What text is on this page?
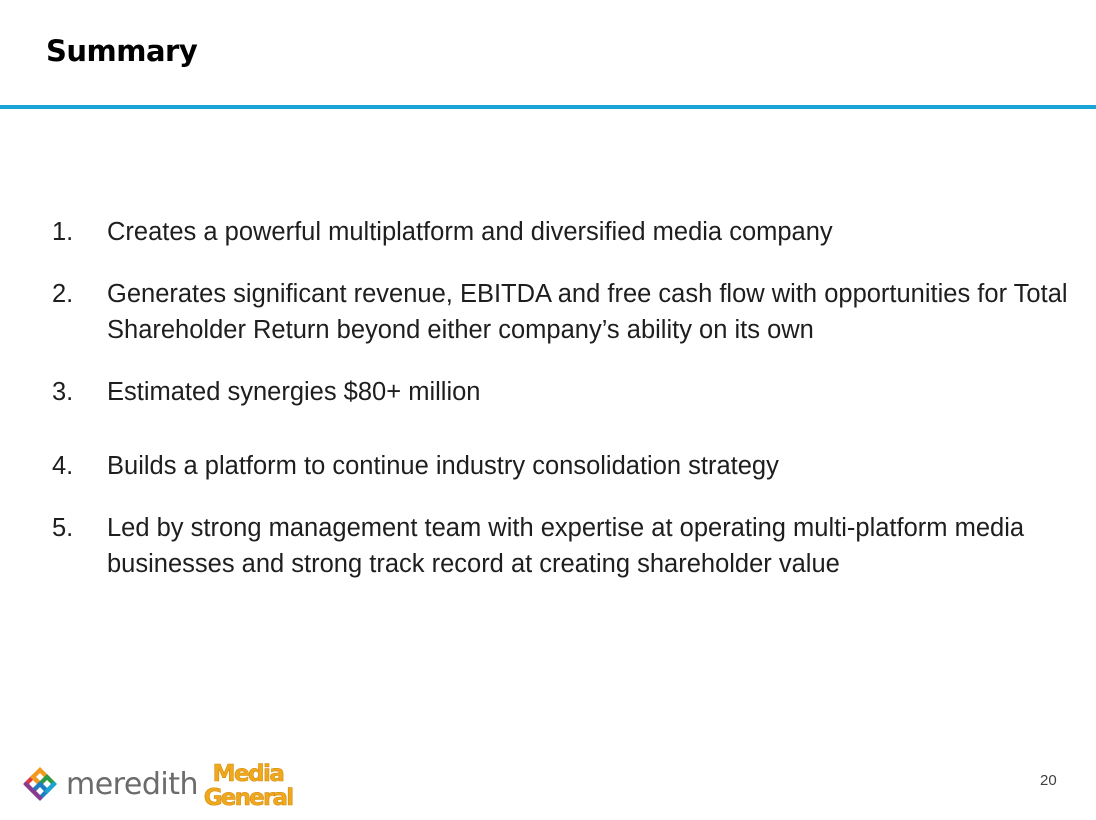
Summary
1.	Creates a powerful multiplatform and diversified media company
2.	Generates significant revenue, EBITDA and free cash flow with opportunities for Total Shareholder Return beyond either company’s ability on its own
3.	Estimated synergies $80+ million
4.	Builds a platform to continue industry consolidation strategy
5.	Led by strong management team with expertise at operating multi-platform media businesses and strong track record at creating shareholder value
meredith Media
General
20
